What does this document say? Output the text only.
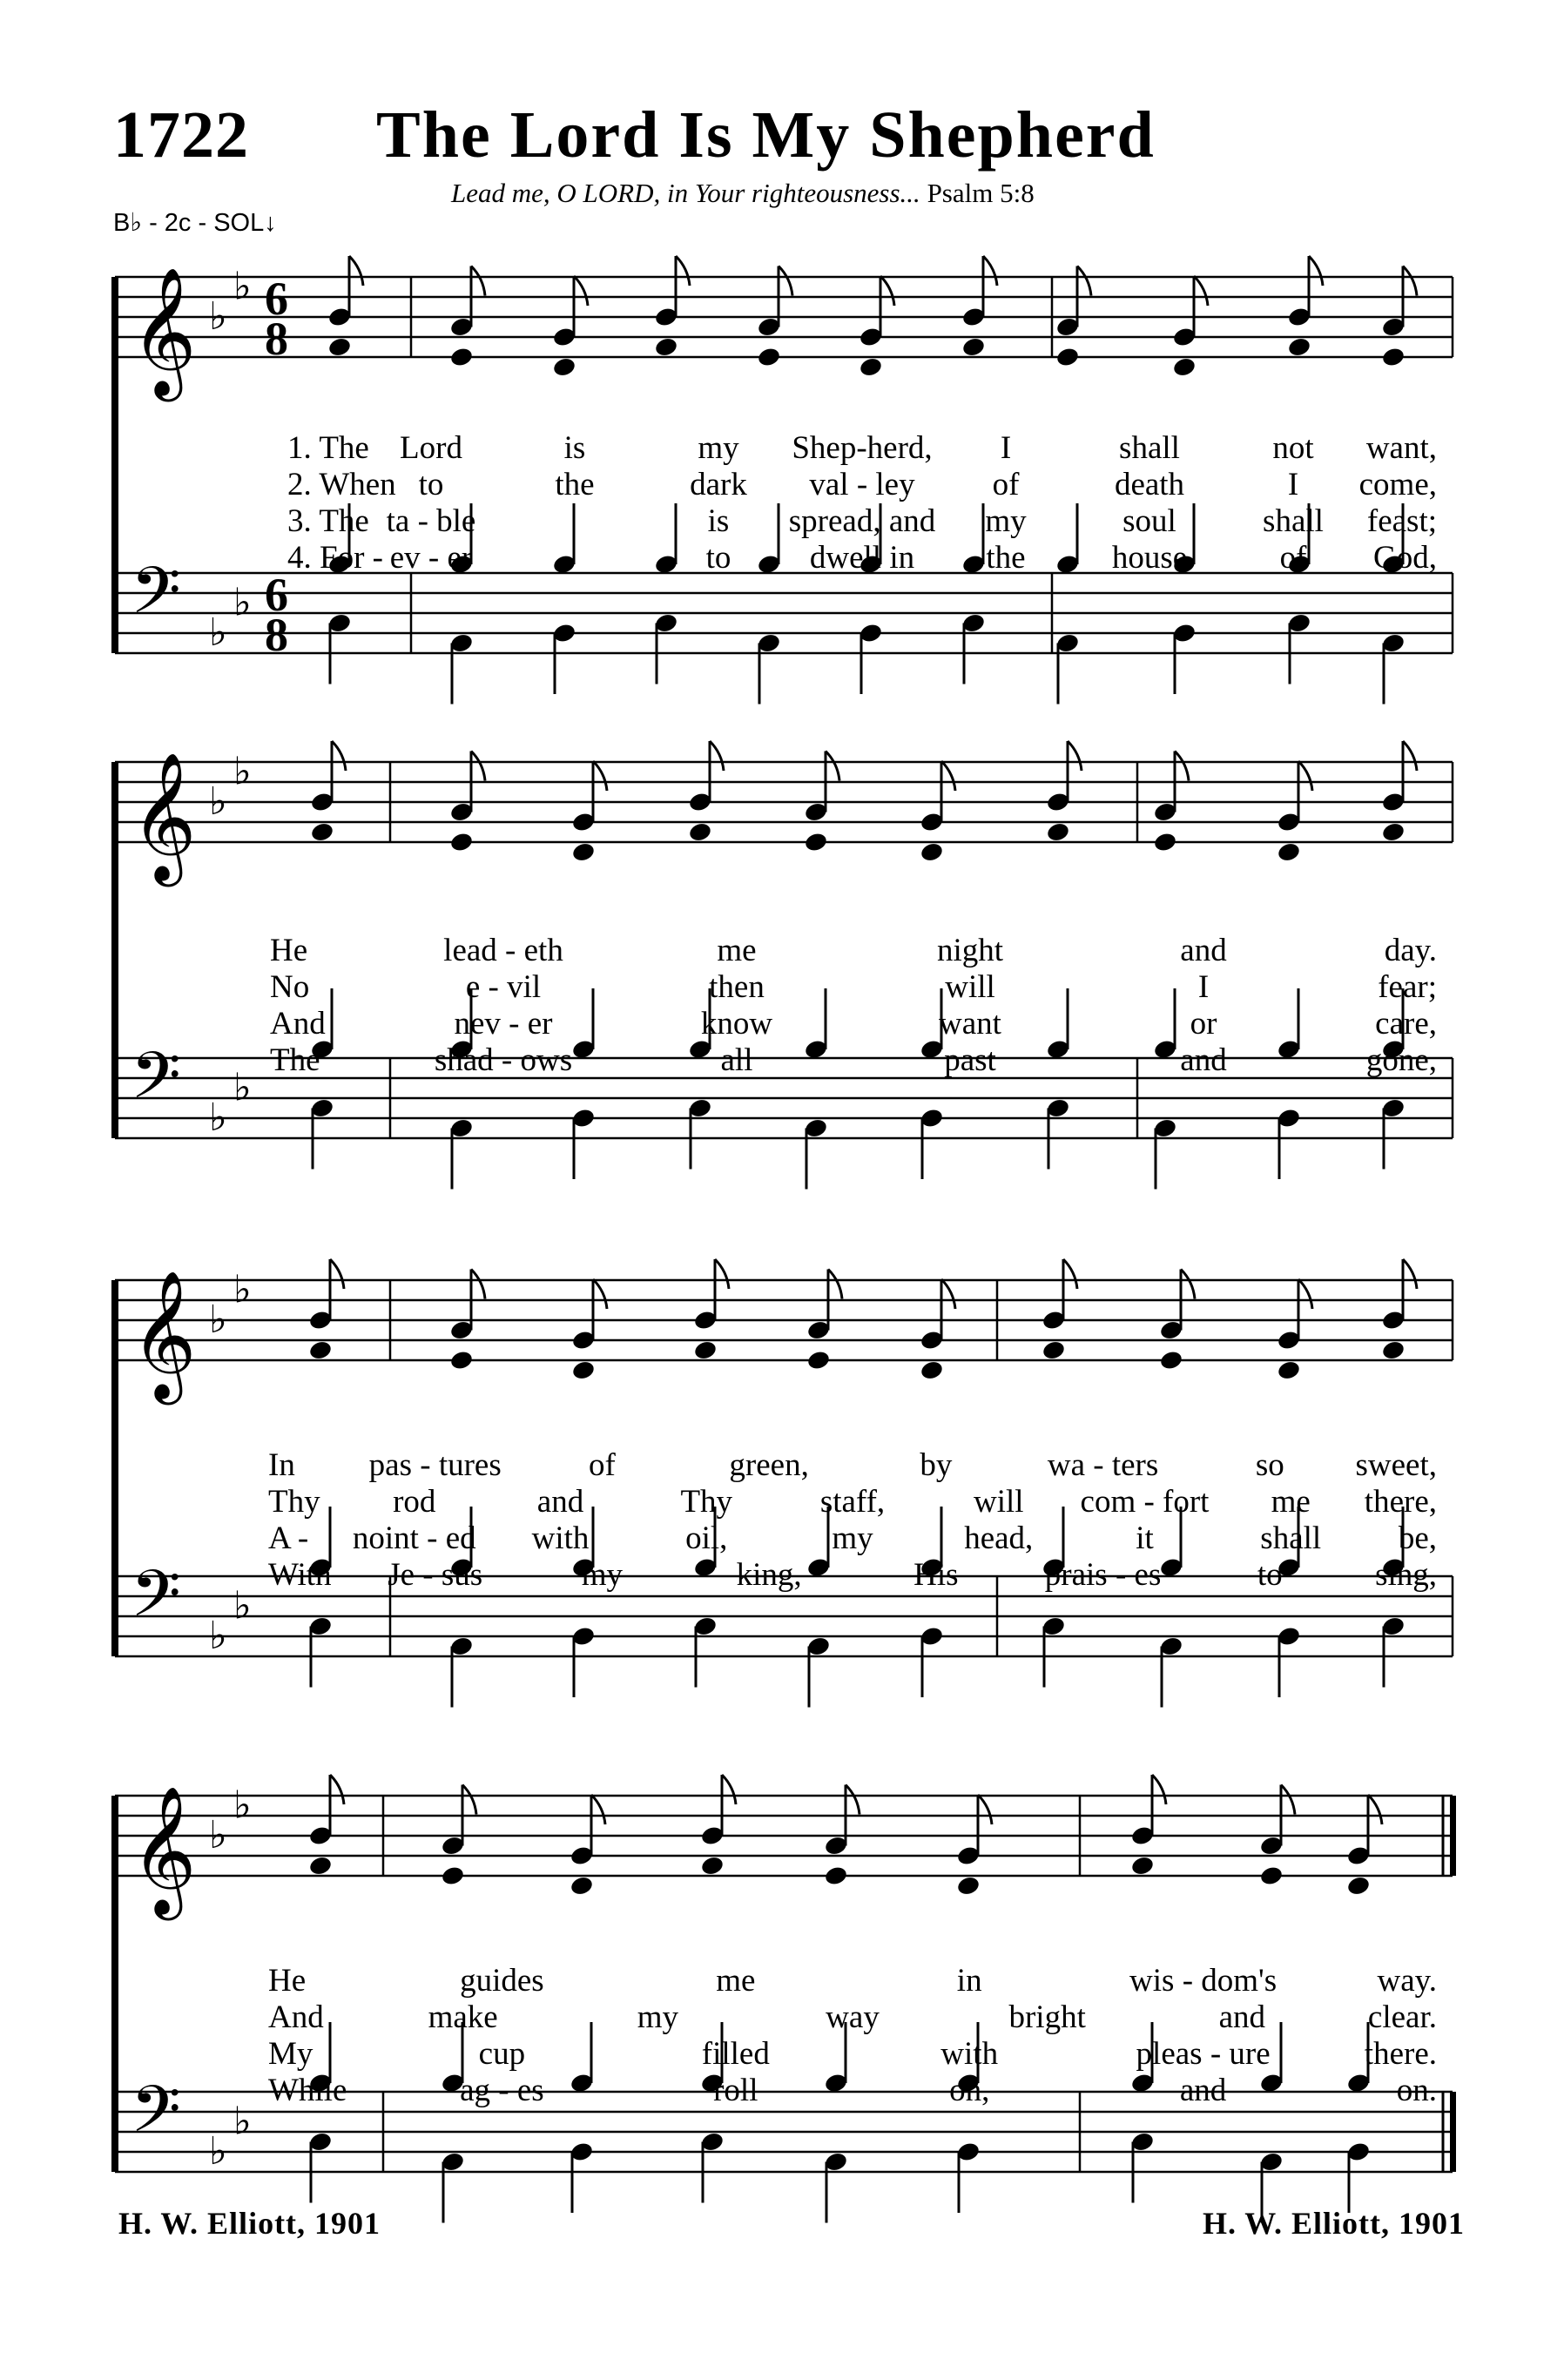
1722 The Lord Is My Shepherd
B♭ - 2c - SOL↓
Lead me, O LORD, in Your righteousness... Psalm 5:8
𝄞 ♭
♭ 6
8
𝄢 ♭
♭ 6
8
1. The Lord	is	my Shep-herd, I	shall	not want,
2. When to	the	dark val - ley of	death	I come,
3. The ta - ble	is spread, and my	soul	shall feast;
4. For - ev - er	to dwell in the	house	of God,
𝄞 ♭
♭
𝄢 ♭
♭
He	lead - eth	me	night	and	day.
No	e - vil	then	will	I	fear;
And	nev - er	know	want	or	care,
The	shad - ows	all	past	and	gone,
𝄞 ♭
♭
𝄢 ♭
♭
In pas - tures	of	green,	by	wa - ters	so sweet,
Thy rod	and	Thy	staff,	will com - fort me there,
A - noint - ed with	oil,	my	head,	it	shall be,
With Je - sus	my	king,	His	prais - es	to	sing,
𝄞 ♭
♭
𝄢 ♭
♭
He	guides	me	in	wis - dom's	way.
And	make	my	way	bright	and	clear.
My	cup	filled	with	pleas - ure	there.
While	ag - es	roll	on,	and	on.
H. W. Elliott, 1901	H. W. Elliott, 1901
